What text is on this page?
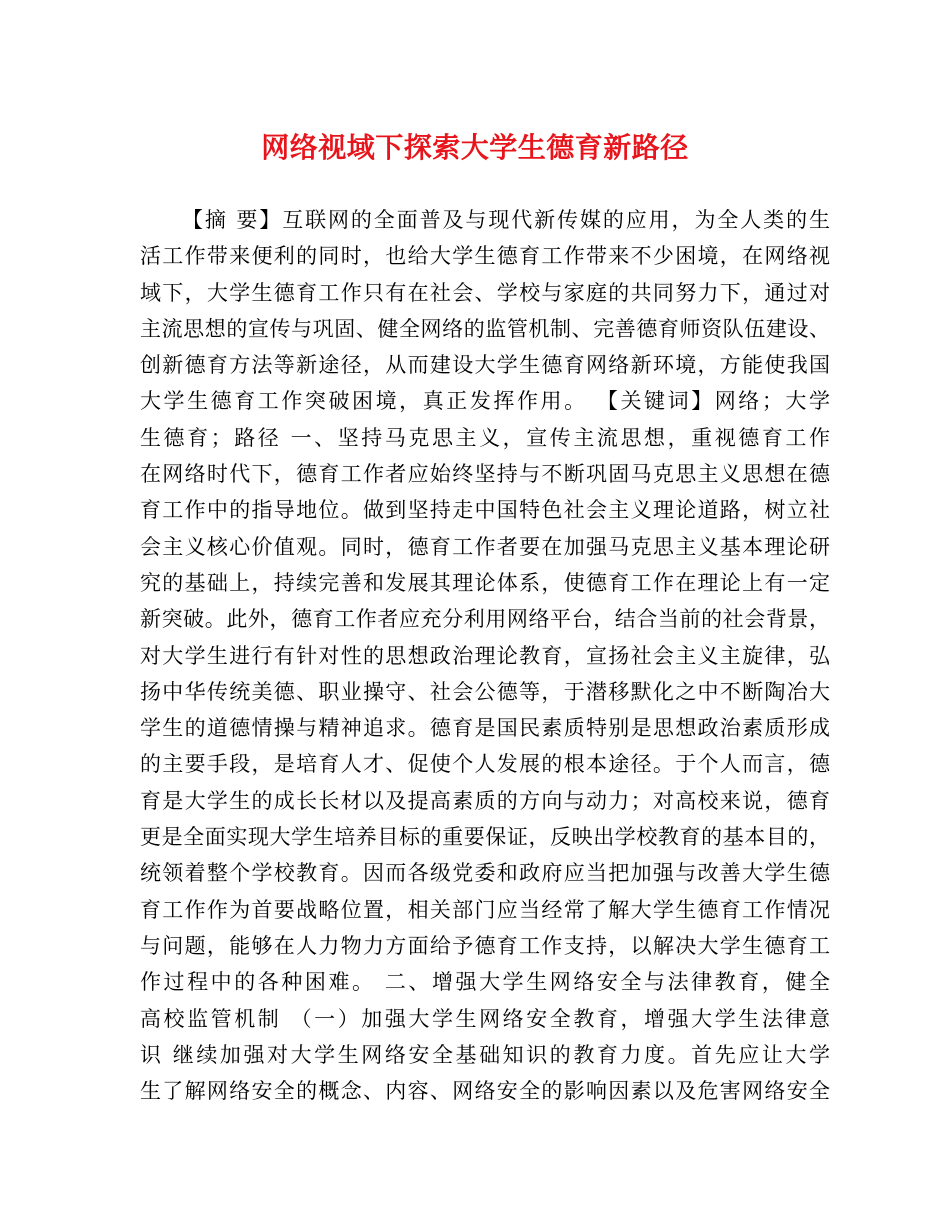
网络视域下探索大学生德育新路径
【摘 要】互联网的全面普及与现代新传媒的应用，为全人类的生
活工作带来便利的同时，也给大学生德育工作带来不少困境，在网络视
域下，大学生德育工作只有在社会、学校与家庭的共同努力下，通过对
主流思想的宣传与巩固、健全网络的监管机制、完善德育师资队伍建设、
创新德育方法等新途径，从而建设大学生德育网络新环境，方能使我国
大学生德育工作突破困境，真正发挥作用。 【关键词】网络；大学
生德育；路径 一、坚持马克思主义，宣传主流思想，重视德育工作
在网络时代下，德育工作者应始终坚持与不断巩固马克思主义思想在德
育工作中的指导地位。做到坚持走中国特色社会主义理论道路，树立社
会主义核心价值观。同时，德育工作者要在加强马克思主义基本理论研
究的基础上，持续完善和发展其理论体系，使德育工作在理论上有一定
新突破。此外，德育工作者应充分利用网络平台，结合当前的社会背景，
对大学生进行有针对性的思想政治理论教育，宣扬社会主义主旋律，弘
扬中华传统美德、职业操守、社会公德等，于潜移默化之中不断陶冶大
学生的道德情操与精神追求。德育是国民素质特别是思想政治素质形成
的主要手段，是培育人才、促使个人发展的根本途径。于个人而言，德
育是大学生的成长长材以及提高素质的方向与动力；对高校来说，德育
更是全面实现大学生培养目标的重要保证，反映出学校教育的基本目的，
统领着整个学校教育。因而各级党委和政府应当把加强与改善大学生德
育工作作为首要战略位置，相关部门应当经常了解大学生德育工作情况
与问题，能够在人力物力方面给予德育工作支持，以解决大学生德育工
作过程中的各种困难。 二、增强大学生网络安全与法律教育，健全
高校监管机制 （一）加强大学生网络安全教育，增强大学生法律意
识 继续加强对大学生网络安全基础知识的教育力度。首先应让大学
生了解网络安全的概念、内容、网络安全的影响因素以及危害网络安全
